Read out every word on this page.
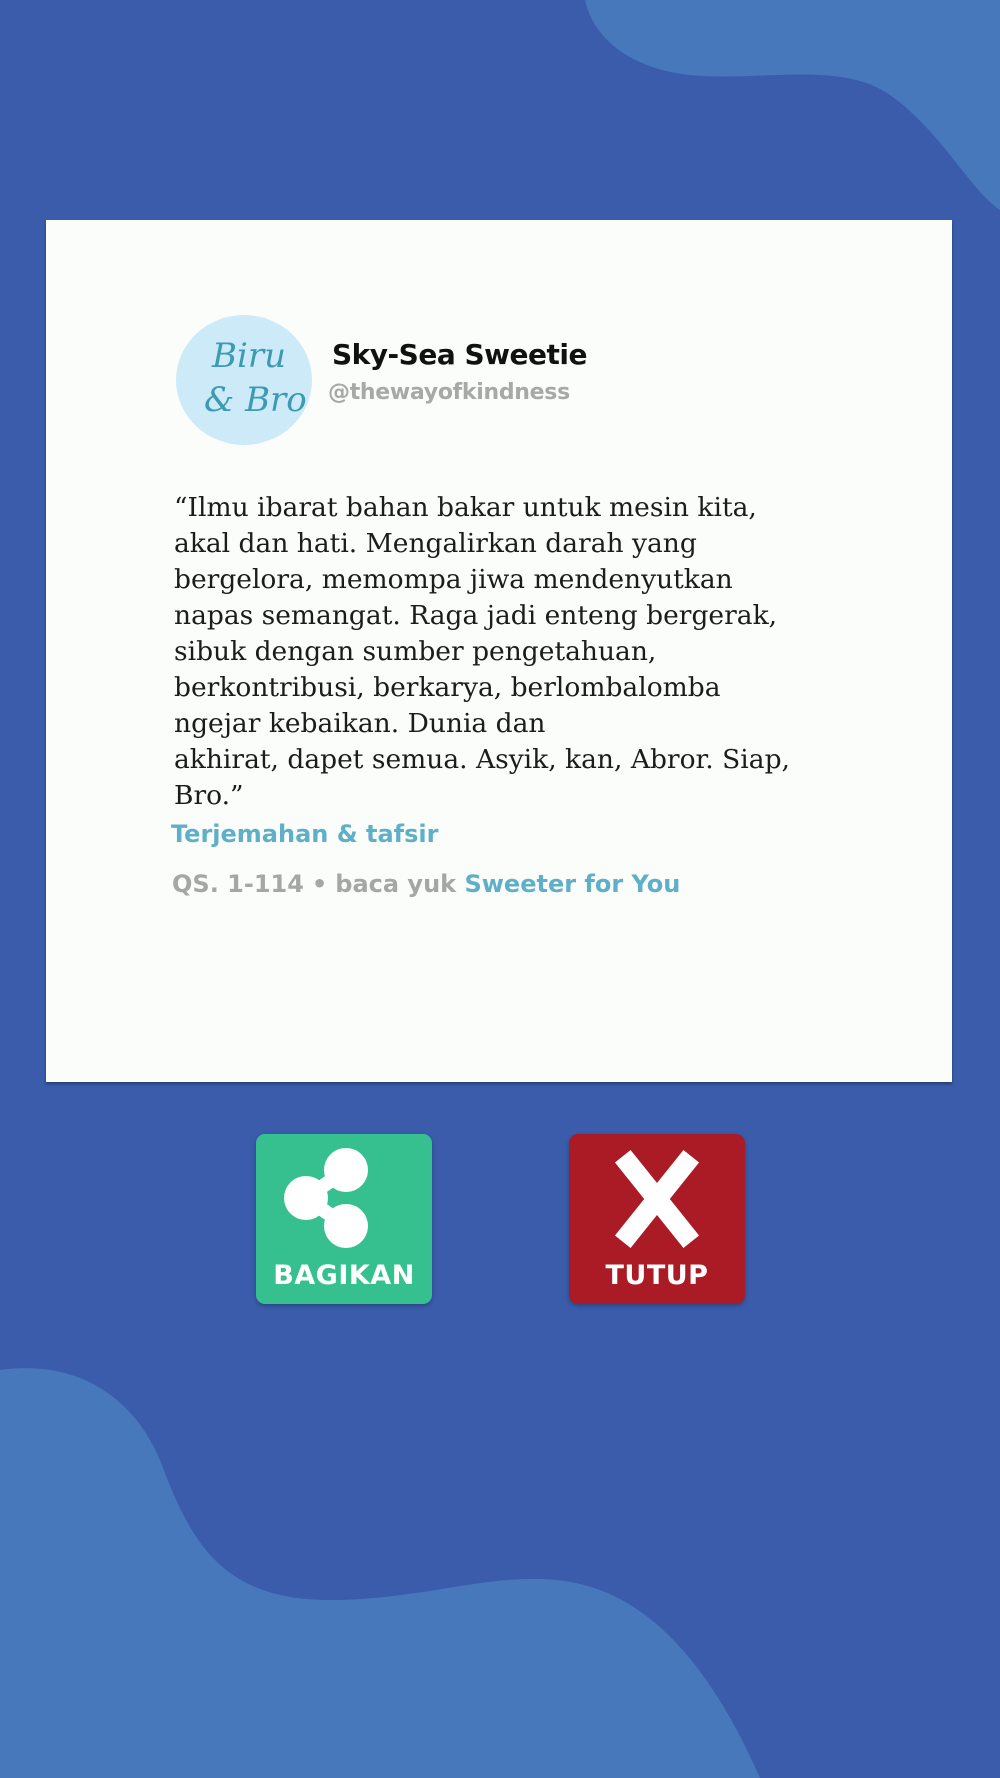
Biru
& Bro
Sky-Sea Sweetie
@thewayofkindness

“Ilmu ibarat bahan bakar untuk mesin kita,
akal dan hati. Mengalirkan darah yang
bergelora, memompa jiwa mendenyutkan
napas semangat. Raga jadi enteng bergerak,
sibuk dengan sumber pengetahuan,
berkontribusi, berkarya, berlombalomba
ngejar kebaikan. Dunia dan
akhirat, dapet semua. Asyik, kan, Abror. Siap,
Bro.”

Terjemahan & tafsir
QS. 1-114 • baca yuk Sweeter for You
BAGIKAN	TUTUP
